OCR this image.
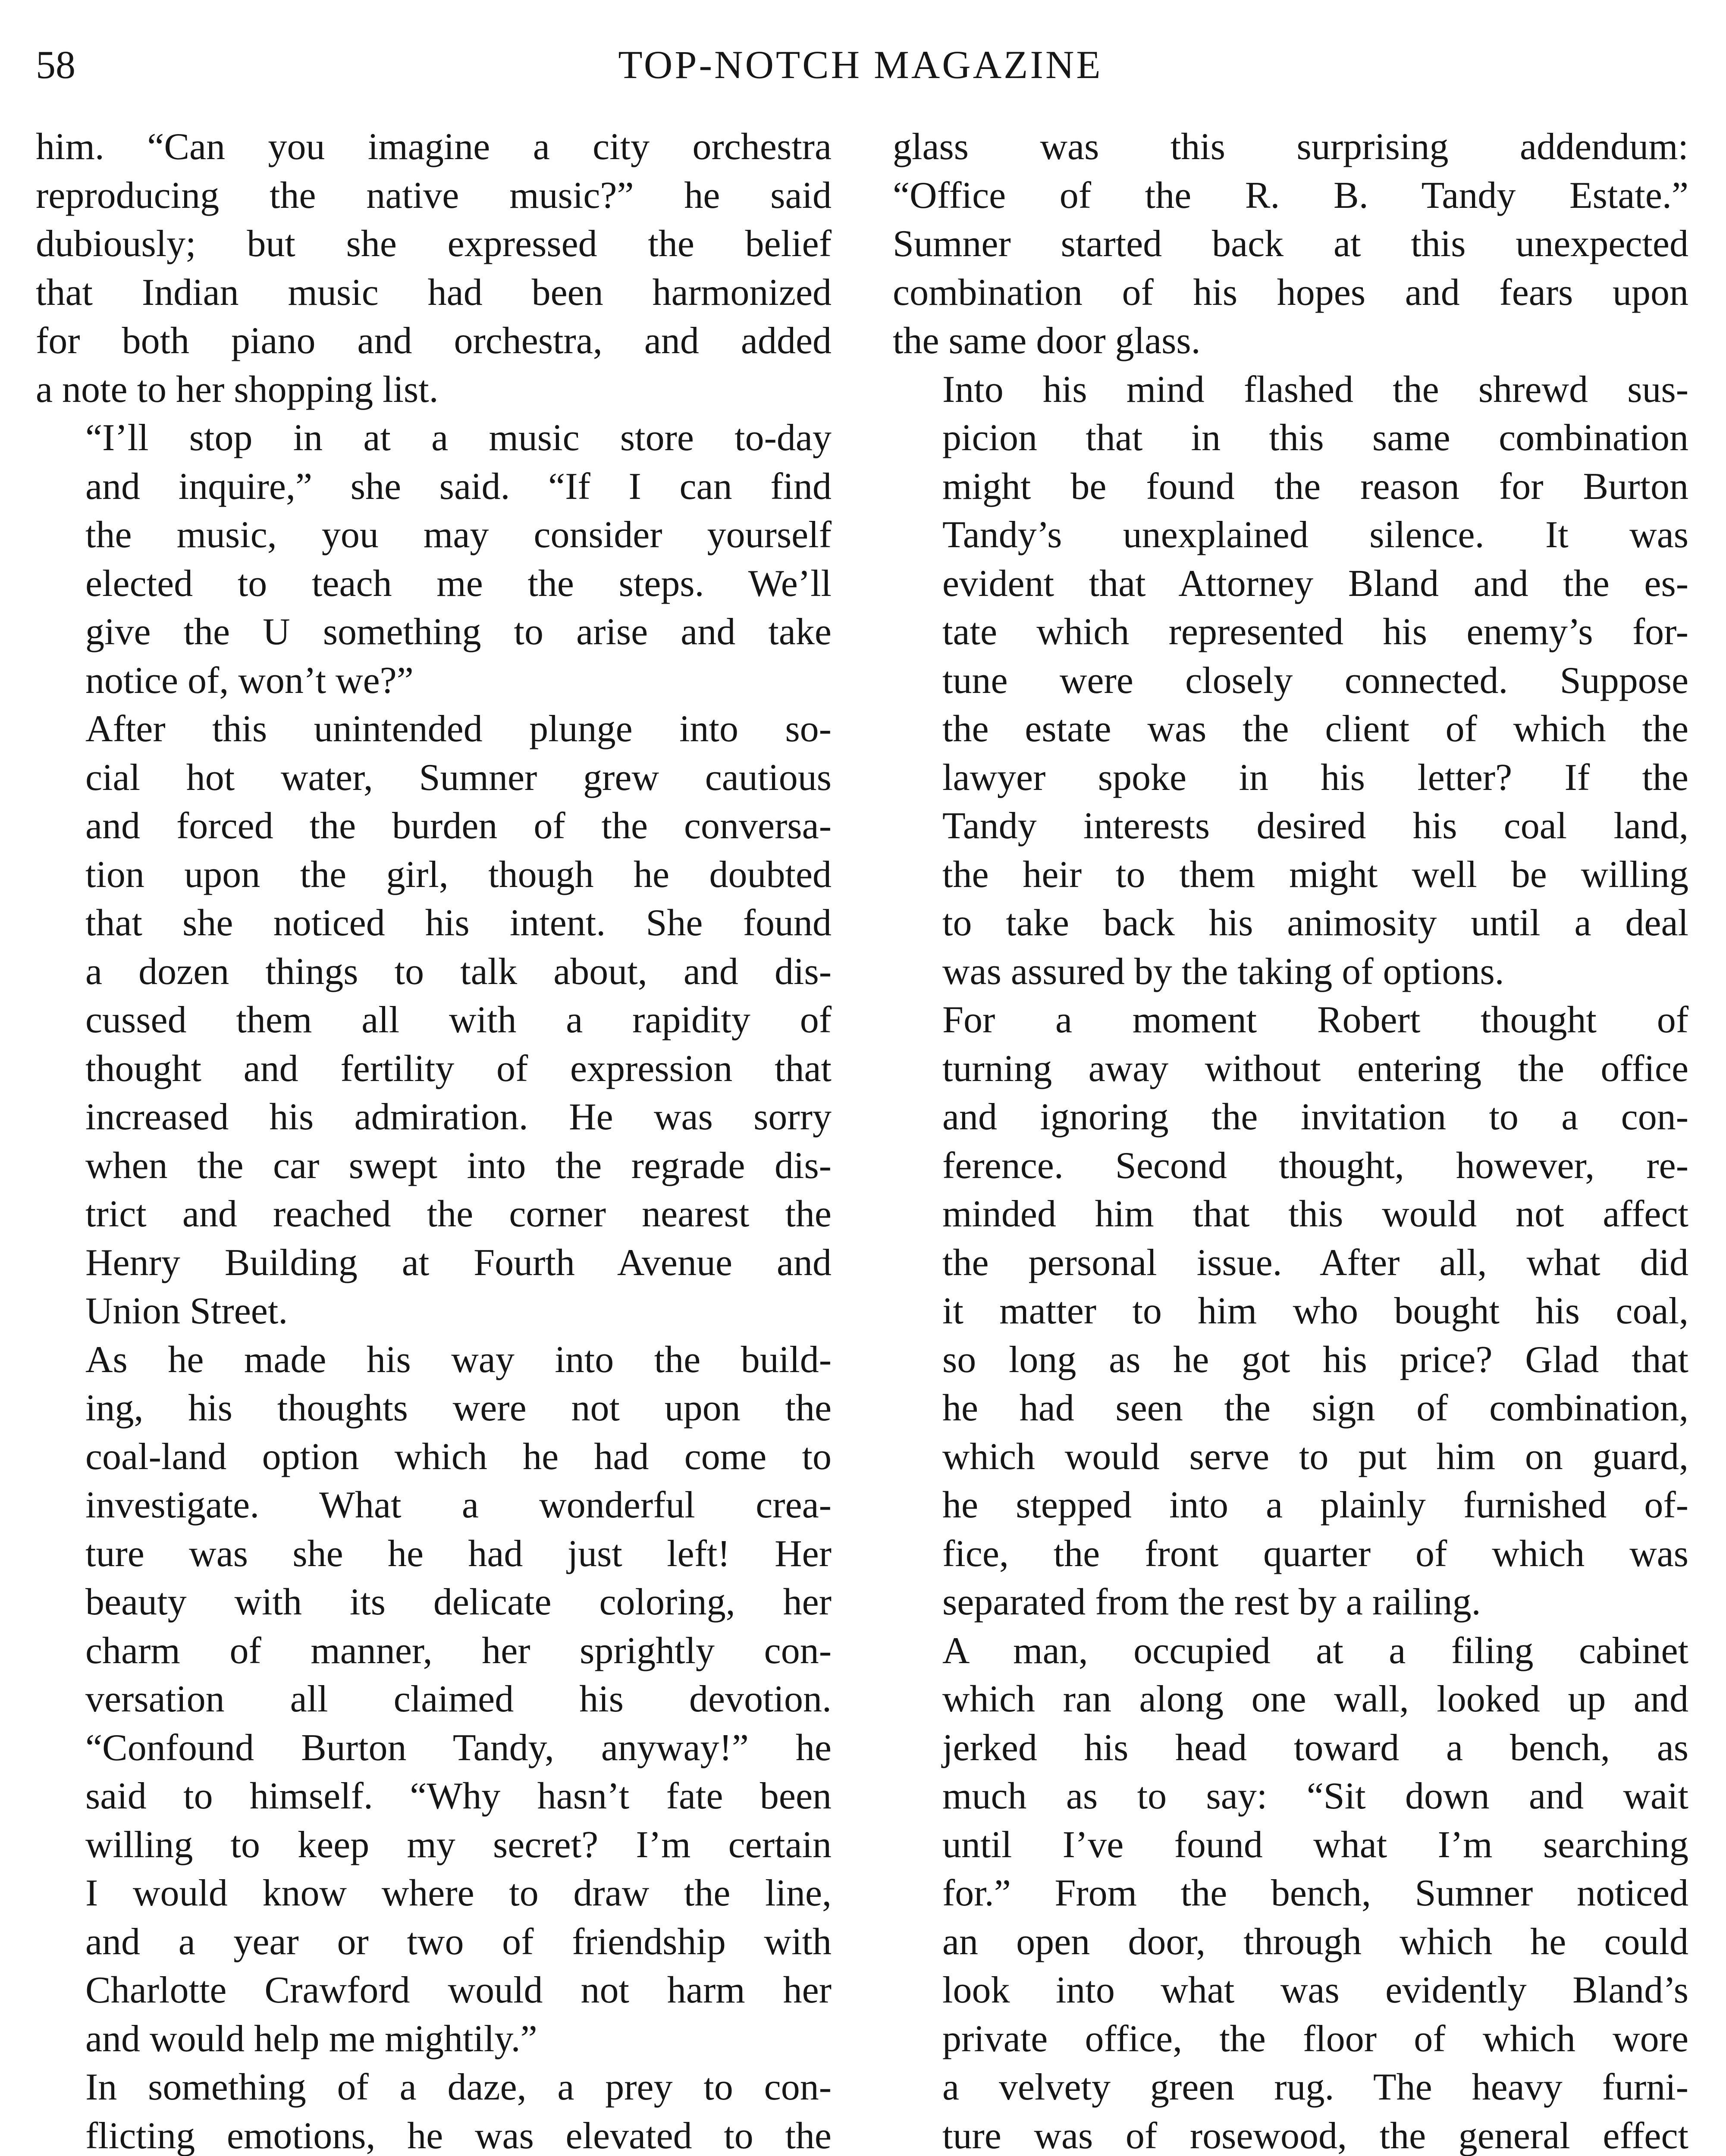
58	TOP-NOTCH MAGAZINE

him. “Can you imagine a city orchestra
reproducing the native music?” he said
dubiously; but she expressed the belief
that Indian music had been harmonized
for both piano and orchestra, and added
a note to her shopping list.

“I’ll stop in at a music store to-day
and inquire,” she said. “If I can find
the music, you may consider yourself
elected to teach me the steps. We’ll
give the U something to arise and take
notice of, won’t we?”

After this unintended plunge into so-
cial hot water, Sumner grew cautious
and forced the burden of the conversa-
tion upon the girl, though he doubted
that she noticed his intent. She found
a dozen things to talk about, and dis-
cussed them all with a rapidity of
thought and fertility of expression that
increased his admiration. He was sorry
when the car swept into the regrade dis-
trict and reached the corner nearest the
Henry Building at Fourth Avenue and
Union Street.

As he made his way into the build-
ing, his thoughts were not upon the
coal-land option which he had come to
investigate. What a wonderful crea-
ture was she he had just left! Her
beauty with its delicate coloring, her
charm of manner, her sprightly con-
versation all claimed his devotion.
“Confound Burton Tandy, anyway!” he
said to himself. “Why hasn’t fate been
willing to keep my secret? I’m certain
I would know where to draw the line,
and a year or two of friendship with
Charlotte Crawford would not harm her
and would help me mightily.”

In something of a daze, a prey to con-
flicting emotions, he was elevated to the

glass was this surprising addendum:
“Office of the R. B. Tandy Estate.”
Sumner started back at this unexpected
combination of his hopes and fears upon
the same door glass.

Into his mind flashed the shrewd sus-
picion that in this same combination
might be found the reason for Burton
Tandy’s unexplained silence. It was
evident that Attorney Bland and the es-
tate which represented his enemy’s for-
tune were closely connected. Suppose
the estate was the client of which the
lawyer spoke in his letter? If the
Tandy interests desired his coal land,
the heir to them might well be willing
to take back his animosity until a deal
was assured by the taking of options.

For a moment Robert thought of
turning away without entering the office
and ignoring the invitation to a con-
ference. Second thought, however, re-
minded him that this would not affect
the personal issue. After all, what did
it matter to him who bought his coal,
so long as he got his price? Glad that
he had seen the sign of combination,
which would serve to put him on guard,
he stepped into a plainly furnished of-
fice, the front quarter of which was
separated from the rest by a railing.

A man, occupied at a filing cabinet
which ran along one wall, looked up and
jerked his head toward a bench, as
much as to say: “Sit down and wait
until I’ve found what I’m searching
for.” From the bench, Sumner noticed
an open door, through which he could
look into what was evidently Bland’s
private office, the floor of which wore
a velvety green rug. The heavy furni-
ture was of rosewood, the general effect
